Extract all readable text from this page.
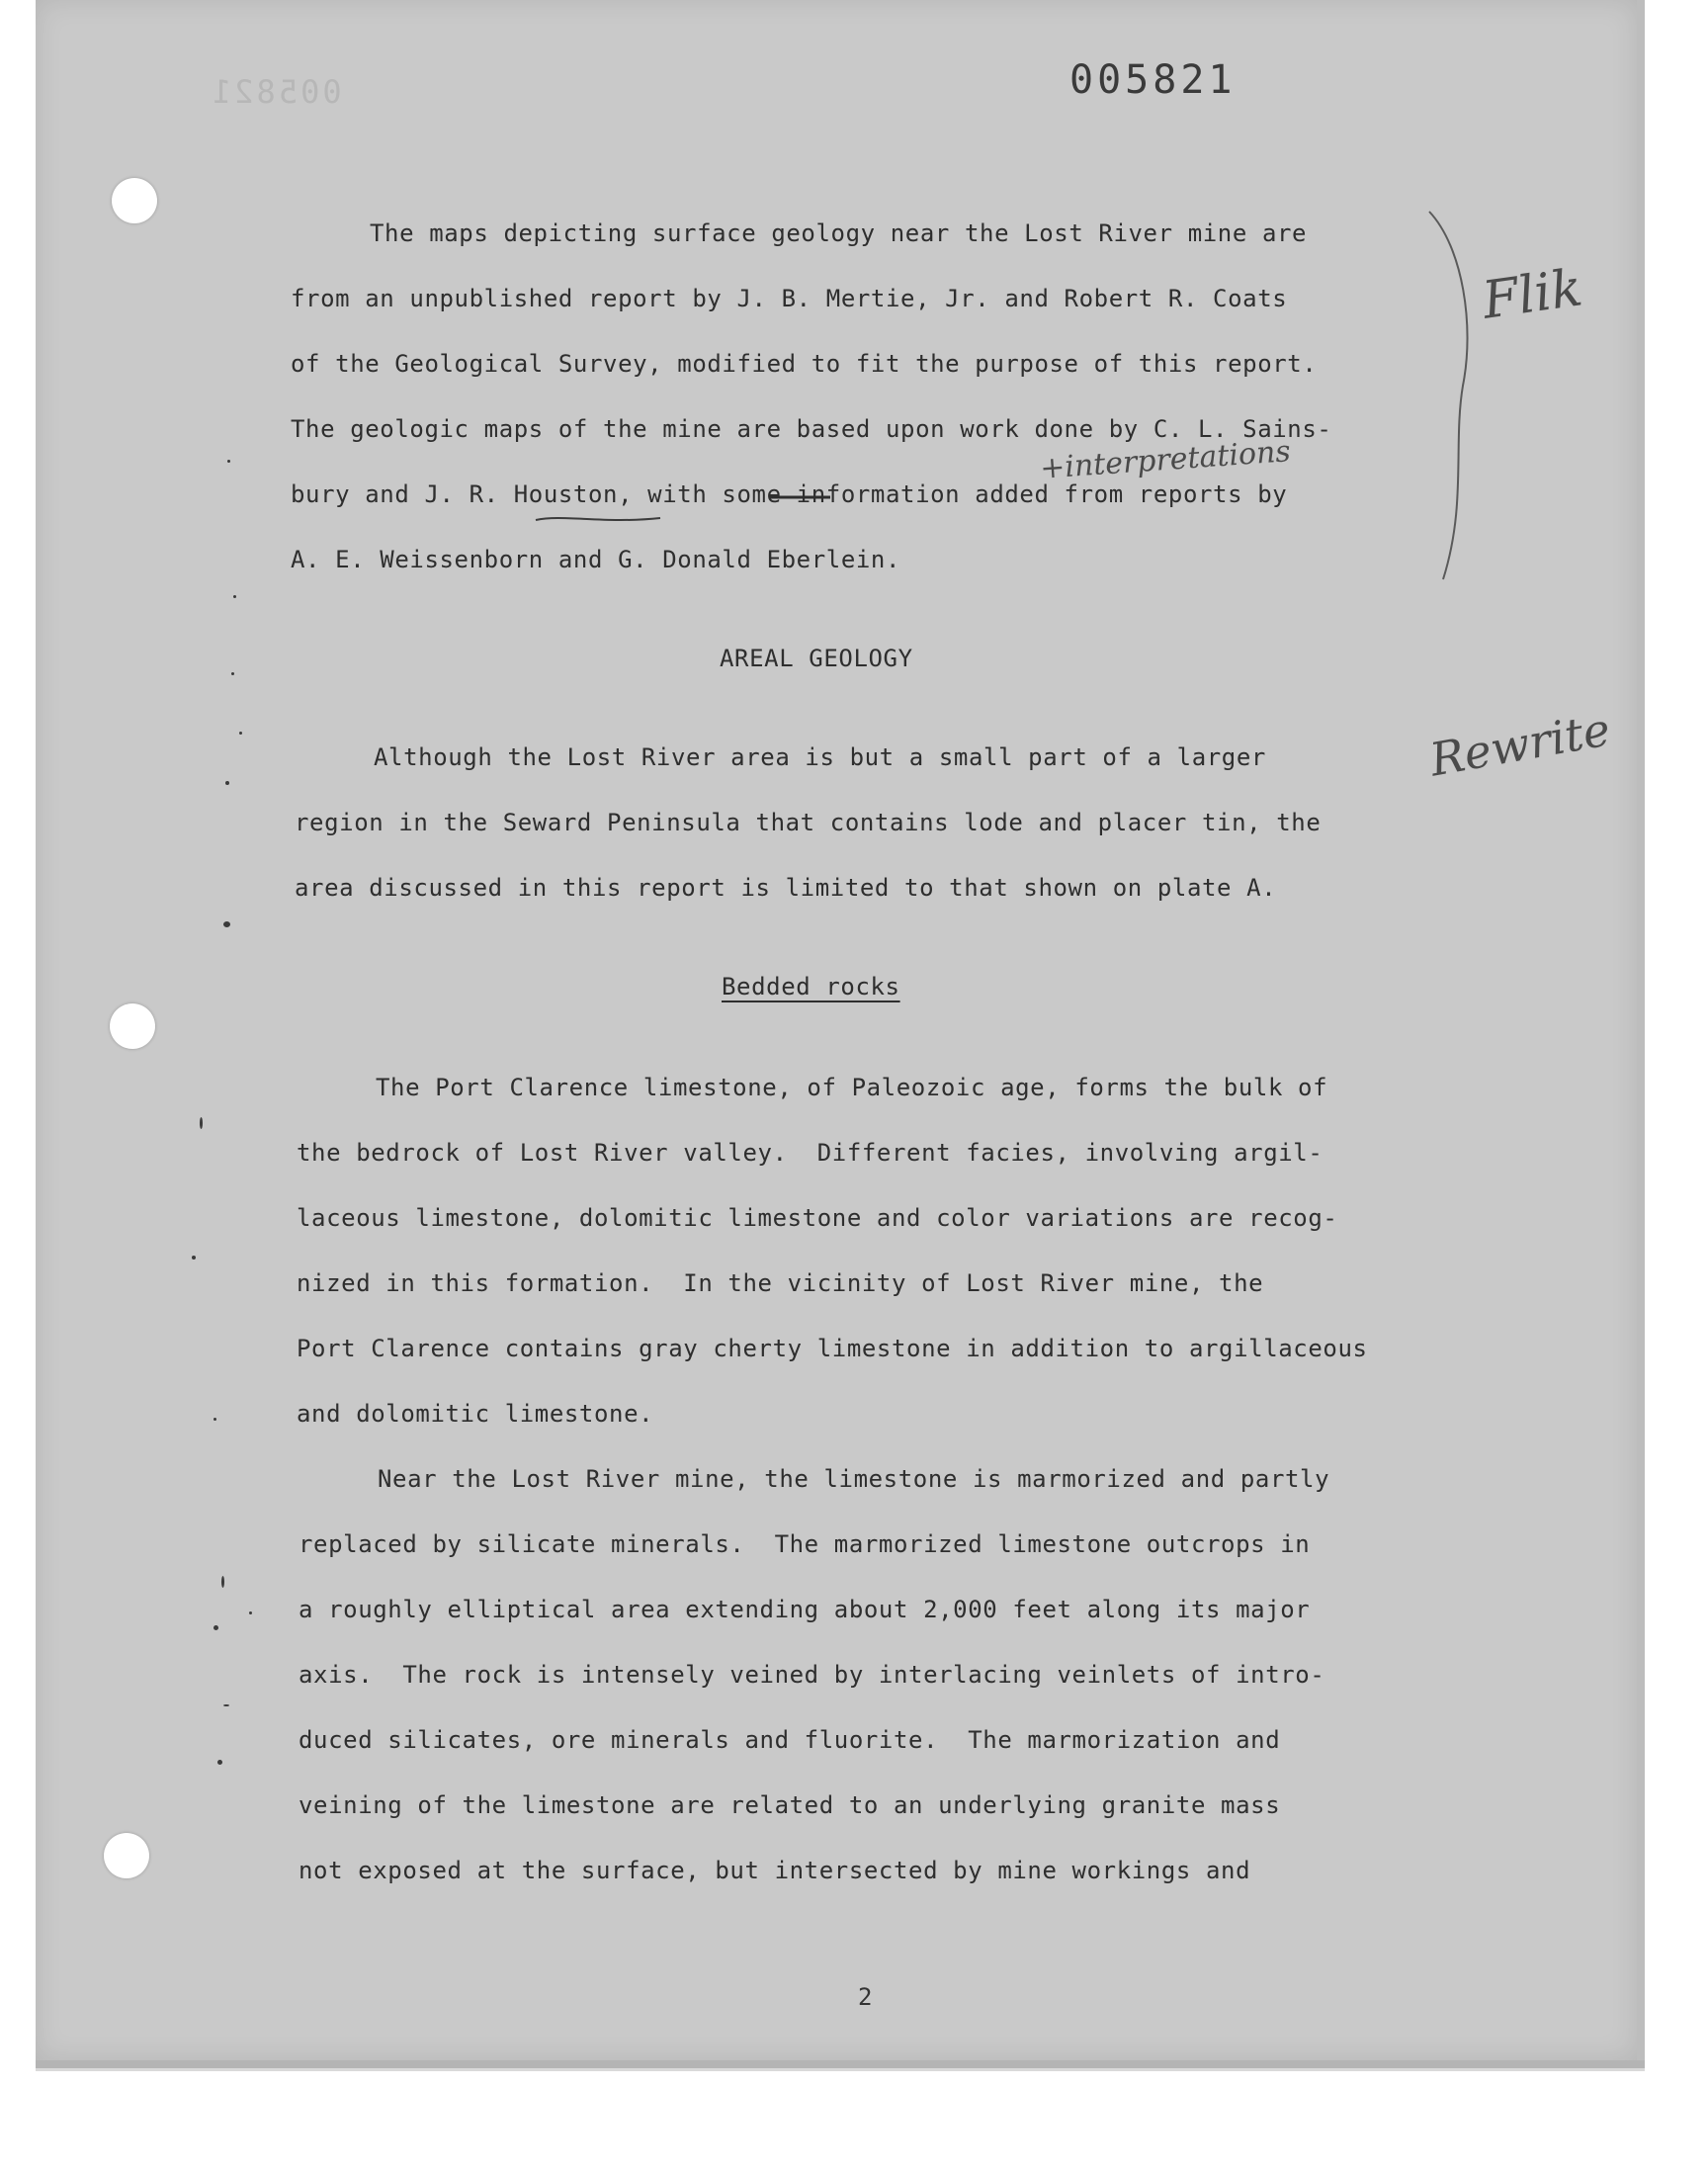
005821	005821
The maps depicting surface geology near the Lost River mine are
from an unpublished report by J. B. Mertie, Jr. and Robert R. Coats
of the Geological Survey, modified to fit the purpose of this report.
The geologic maps of the mine are based upon work done by C. L. Sains-
bury and J. R. Houston, with some information added from reports by
A. E. Weissenborn and G. Donald Eberlein.
+interpretations
Flik
AREAL GEOLOGY
Although the Lost River area is but a small part of a larger
region in the Seward Peninsula that contains lode and placer tin, the
area discussed in this report is limited to that shown on plate A.
Rewrite
Bedded rocks
The Port Clarence limestone, of Paleozoic age, forms the bulk of
the bedrock of Lost River valley.  Different facies, involving argil-
laceous limestone, dolomitic limestone and color variations are recog-
nized in this formation.  In the vicinity of Lost River mine, the
Port Clarence contains gray cherty limestone in addition to argillaceous
and dolomitic limestone.
Near the Lost River mine, the limestone is marmorized and partly
replaced by silicate minerals.  The marmorized limestone outcrops in
a roughly elliptical area extending about 2,000 feet along its major
axis.  The rock is intensely veined by interlacing veinlets of intro-
duced silicates, ore minerals and fluorite.  The marmorization and
veining of the limestone are related to an underlying granite mass
not exposed at the surface, but intersected by mine workings and
2
